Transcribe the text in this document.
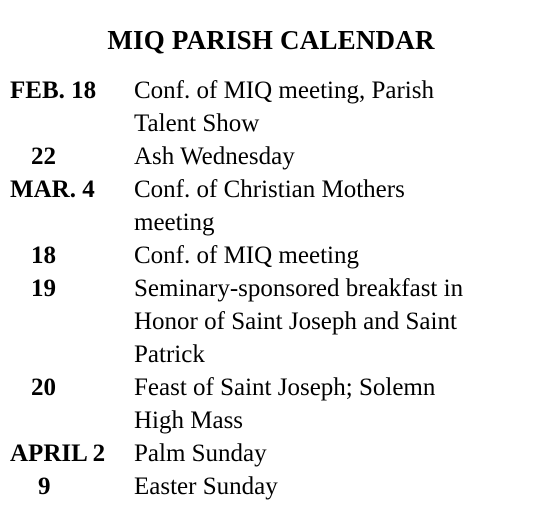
MIQ PARISH CALENDAR
FEB. 18	Conf. of MIQ meeting, Parish
Talent Show
22	Ash Wednesday
MAR. 4	Conf. of Christian Mothers
meeting
18	Conf. of MIQ meeting
19	Seminary-sponsored breakfast in
Honor of Saint Joseph and Saint
Patrick
20	Feast of Saint Joseph; Solemn
High Mass
APRIL 2	Palm Sunday
9	Easter Sunday
